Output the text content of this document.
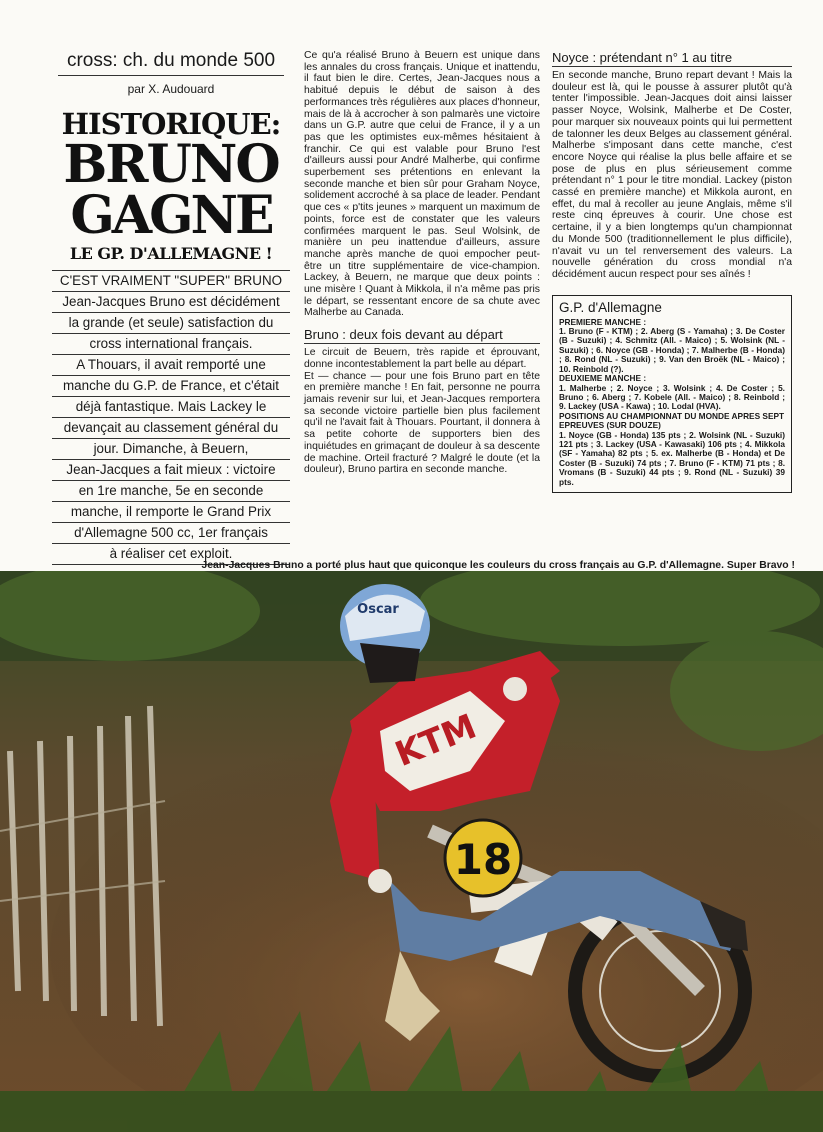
cross: ch. du monde 500

par X. Audouard

HISTORIQUE:

BRUNO

GAGNE

LE GP. D'ALLEMAGNE !

C'EST VRAIMENT "SUPER" BRUNO
Jean-Jacques Bruno est décidément
la grande (et seule) satisfaction du
cross international français.
A Thouars, il avait remporté une
manche du G.P. de France, et c'était
déjà fantastique. Mais Lackey le
devançait au classement général du
jour. Dimanche, à Beuern,
Jean-Jacques a fait mieux : victoire
en 1re manche, 5e en seconde
manche, il remporte le Grand Prix
d'Allemagne 500 cc, 1er français
à réaliser cet exploit.

Ce qu'a réalisé Bruno à Beuern est unique dans les annales du cross français. Unique et inattendu, il faut bien le dire. Certes, Jean-Jacques nous a habitué depuis le début de saison à des performances très régulières aux places d'honneur, mais de là à accrocher à son palmarès une victoire dans un G.P. autre que celui de France, il y a un pas que les optimistes eux-mêmes hésitaient à franchir. Ce qui est valable pour Bruno l'est d'ailleurs aussi pour André Malherbe, qui confirme superbement ses prétentions en enlevant la seconde manche et bien sûr pour Graham Noyce, solidement accroché à sa place de leader. Pendant que ces « p'tits jeunes » marquent un maximum de points, force est de constater que les valeurs confirmées marquent le pas. Seul Wolsink, de manière un peu inattendue d'ailleurs, assure manche après manche de quoi empocher peut-être un titre supplémentaire de vice-champion. Lackey, à Beuern, ne marque que deux points : une misère ! Quant à Mikkola, il n'a même pas pris le départ, se ressentant encore de sa chute avec Malherbe au Canada.

Bruno : deux fois devant au départ

Le circuit de Beuern, très rapide et éprouvant, donne incontestablement la part belle au départ.

Et — chance — pour une fois Bruno part en tête en première manche ! En fait, personne ne pourra jamais revenir sur lui, et Jean-Jacques remportera sa seconde victoire partielle bien plus facilement qu'il ne l'avait fait à Thouars. Pourtant, il donnera à sa petite cohorte de supporters bien des inquiétudes en grimaçant de douleur à sa descente de machine. Orteil fracturé ? Malgré le doute (et la douleur), Bruno partira en seconde manche.

Noyce : prétendant n° 1 au titre

En seconde manche, Bruno repart devant ! Mais la douleur est là, qui le pousse à assurer plutôt qu'à tenter l'impossible. Jean-Jacques doit ainsi laisser passer Noyce, Wolsink, Malherbe et De Coster, pour marquer six nouveaux points qui lui permettent de talonner les deux Belges au classement général. Malherbe s'imposant dans cette manche, c'est encore Noyce qui réalise la plus belle affaire et se pose de plus en plus sérieusement comme prétendant n° 1 pour le titre mondial. Lackey (piston cassé en première manche) et Mikkola auront, en effet, du mal à recoller au jeune Anglais, même s'il reste cinq épreuves à courir. Une chose est certaine, il y a bien longtemps qu'un championnat du Monde 500 (traditionnellement le plus difficile), n'avait vu un tel renversement des valeurs. La nouvelle génération du cross mondial n'a décidément aucun respect pour ses aînés !

G.P. d'Allemagne

PREMIERE MANCHE :

1. Bruno (F - KTM) ; 2. Aberg (S - Yamaha) ; 3. De Coster (B - Suzuki) ; 4. Schmitz (All. - Maico) ; 5. Wolsink (NL - Suzuki) ; 6. Noyce (GB - Honda) ; 7. Malherbe (B - Honda) ; 8. Rond (NL - Suzuki) ; 9. Van den Broëk (NL - Maico) ; 10. Reinbold (?).

DEUXIEME MANCHE :

1. Malherbe ; 2. Noyce ; 3. Wolsink ; 4. De Coster ; 5. Bruno ; 6. Aberg ; 7. Kobele (All. - Maico) ; 8. Reinbold ; 9. Lackey (USA - Kawa) ; 10. Lodal (HVA).

POSITIONS AU CHAMPIONNAT DU MONDE APRES SEPT EPREUVES (SUR DOUZE)

1. Noyce (GB - Honda) 135 pts ; 2. Wolsink (NL - Suzuki) 121 pts ; 3. Lackey (USA - Kawasaki) 106 pts ; 4. Mikkola (SF - Yamaha) 82 pts ; 5. ex. Malherbe (B - Honda) et De Coster (B - Suzuki) 74 pts ; 7. Bruno (F - KTM) 71 pts ; 8. Vromans (B - Suzuki) 44 pts ; 9. Rond (NL - Suzuki) 39 pts.

Jean-Jacques Bruno a porté plus haut que quiconque les couleurs du cross français au G.P. d'Allemagne. Super Bravo !

18
KTM
Oscar
